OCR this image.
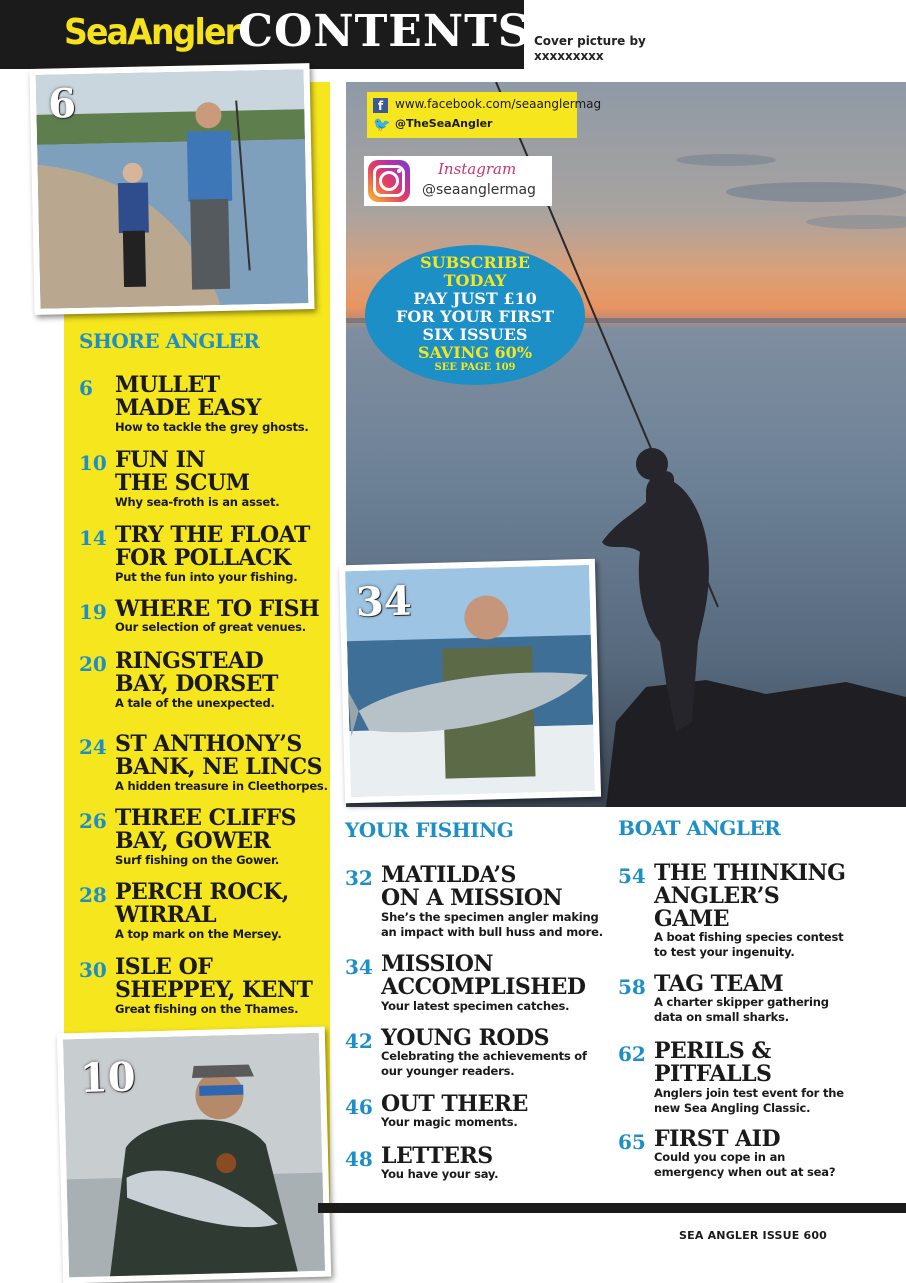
SeaAngler
CONTENTS Cover picture by
xxxxxxxxx
f www.facebook.com/seaanglermag
🐦 @TheSeaAngler
Instagram
@seaanglermag
SUBSCRIBE
TODAY
PAY JUST £10
FOR YOUR FIRST
SIX ISSUES
SAVING 60%
SEE PAGE 109
6
SHORE ANGLER
6	MULLET
MADE EASY
How to tackle the grey ghosts.
10 FUN IN
THE SCUM
Why sea-froth is an asset.
14 TRY THE FLOAT
FOR POLLACK
Put the fun into your fishing.
19 WHERE TO FISH
Our selection of great venues.
20 RINGSTEAD
BAY, DORSET
A tale of the unexpected.
24 ST ANTHONY’S
BANK, NE LINCS
A hidden treasure in Cleethorpes.
26 THREE CLIFFS
BAY, GOWER
Surf fishing on the Gower.
28 PERCH ROCK,
WIRRAL
A top mark on the Mersey.
30 ISLE OF
SHEPPEY, KENT
Great fishing on the Thames.
10
34
YOUR FISHING
32 MATILDA’S
ON A MISSION
She’s the specimen angler making
an impact with bull huss and more.
34 MISSION
ACCOMPLISHED
Your latest specimen catches.
42 YOUNG RODS
Celebrating the achievements of
our younger readers.
46 OUT THERE
Your magic moments.
48 LETTERS
You have your say.
BOAT ANGLER
54 THE THINKING
ANGLER’S
GAME
A boat fishing species contest
to test your ingenuity.
58 TAG TEAM
A charter skipper gathering
data on small sharks.
62 PERILS &
PITFALLS
Anglers join test event for the
new Sea Angling Classic.
65 FIRST AID
Could you cope in an
emergency when out at sea?
SEA ANGLER ISSUE 600
